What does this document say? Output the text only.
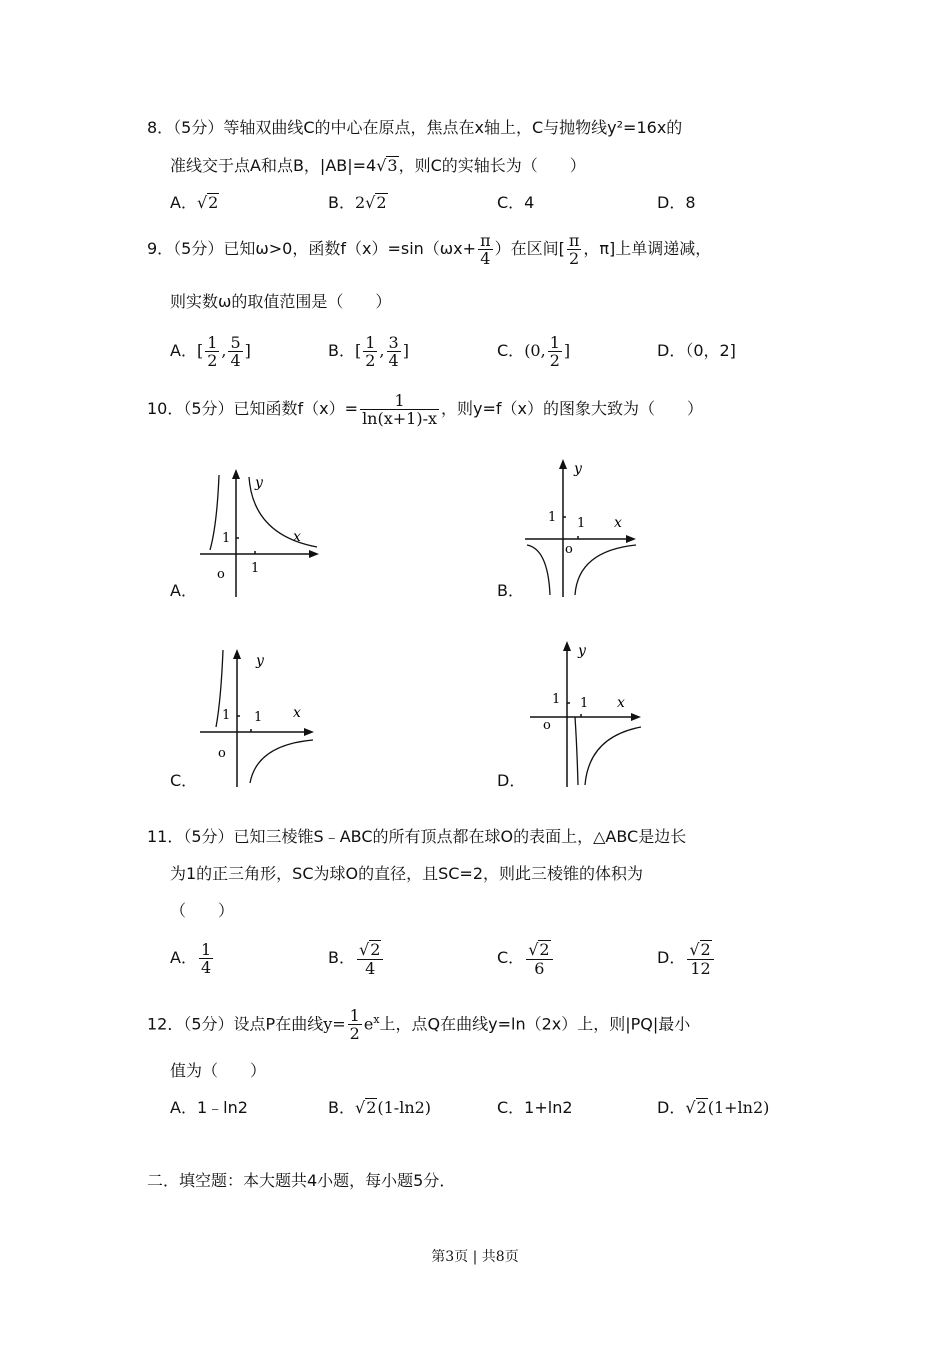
8．（5分）等轴双曲线C的中心在原点，焦点在x轴上，C与抛物线y²=16x的
准线交于点A和点B，|AB|=4√3，则C的实轴长为（　　）
A．√2	B．2√2	C．4	D．8
9．（5分）已知ω>0，函数$f(x)=\sin(\omega x+ \frac{\pi}{4}$ ）在区间[ $\frac{\pi}{2}$ ，π]上单调递减，
则实数ω的取值范围是（　　）
A．[ $\frac{1}{2}$ , $\frac{5}{4}$ ]	B．[ $\frac{1}{2}$ , $\frac{3}{4}$ ]	C．(0, $\frac{1}{2}$ ]	D．（0，2]
10．（5分）已知函数$f(x)= \frac{1}{\ln(x+1)-x}$ ，则y=f（x）的图象大致为（　　）
y
x
1
1
o
A．
y
x
1 1
o
B．
y
x
1 1
o
C．
y
x
1 1
o
D．
11．（5分）已知三棱锥S﹣ABC的所有顶点都在球O的表面上，△ABC是边长
为1的正三角形，SC为球O的直径，且SC=2，则此三棱锥的体积为
（　　）
A． $\frac{1}{4}$	B． $\frac{√2}{4}$	C． $\frac{√2}{6}$	D． $\frac{√2}{12}$
12．（5分）设点P在曲线$y= \frac{1}{2} e^x$上，点Q在曲线y=ln（2x）上，则|PQ|最小
值为（　　）
A．1﹣ln2	B．√2(1-ln2)	C．1+ln2	D．√2(1+ln2)
二．填空题：本大题共4小题，每小题5分．
第3页 | 共8页
